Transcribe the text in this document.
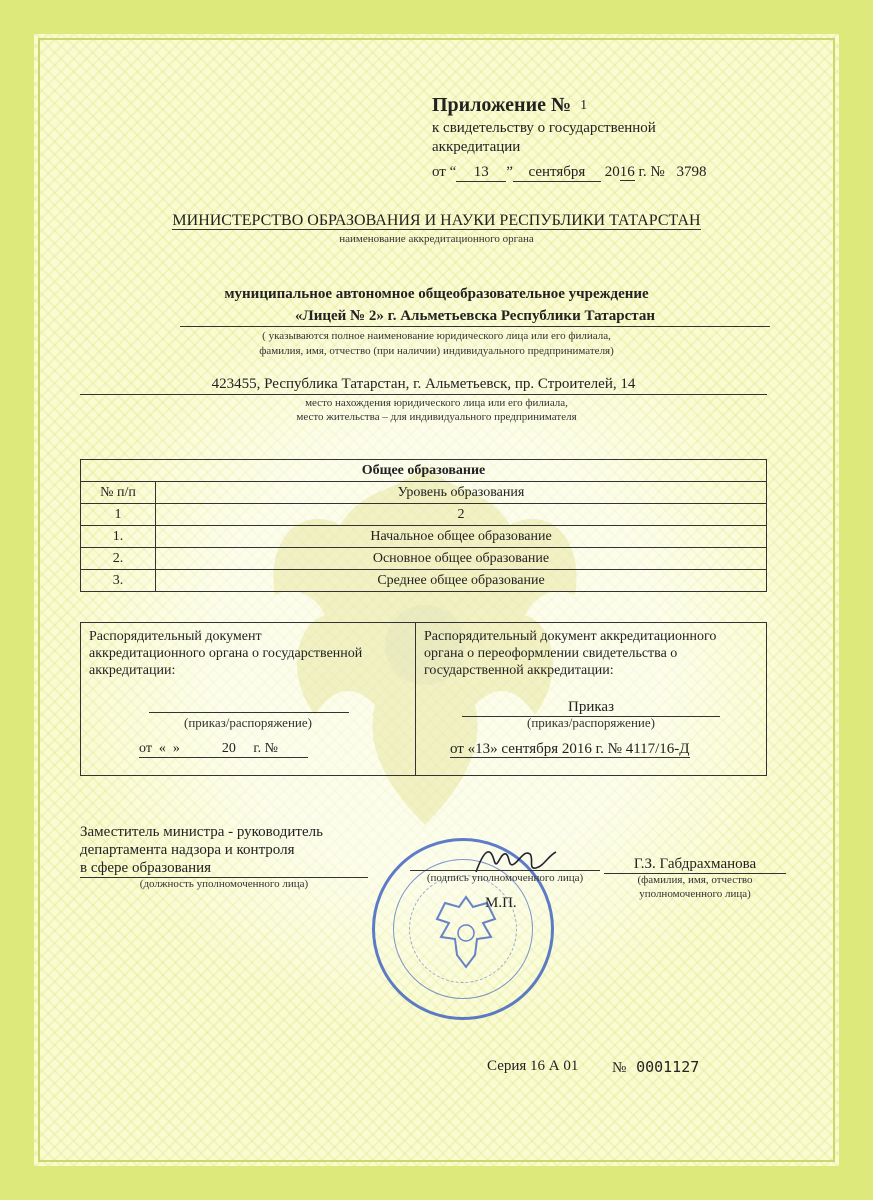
Приложение № 1
к свидетельству о государственной
аккредитации
от “ 13 ” сентября 2016 г. № 3798
МИНИСТЕРСТВО ОБРАЗОВАНИЯ И НАУКИ РЕСПУБЛИКИ ТАТАРСТАН
наименование аккредитационного органа
муниципальное автономное общеобразовательное учреждение
«Лицей № 2» г. Альметьевска Республики Татарстан
( указываются полное наименование юридического лица или его филиала,
фамилия, имя, отчество (при наличии) индивидуального предпринимателя)
423455, Республика Татарстан, г. Альметьевск, пр. Строителей, 14
место нахождения юридического лица или его филиала,
место жительства – для индивидуального предпринимателя
Общее образование	
№ п/п	Уровень образования
1	2
1.	Начальное общее образование
2.	Основное общее образование
3.	Среднее общее образование
Распорядительный документ
аккредитационного органа о государственной
аккредитации:
(приказ/распоряжение)
от  «  »            20     г. №
Распорядительный документ аккредитационного
органа о переоформлении свидетельства о
государственной аккредитации:
Приказ
(приказ/распоряжение)
от «13» сентября 2016 г. № 4117/16-Д
Заместитель министра - руководитель
департамента надзора и контроля
в сфере образования
(должность уполномоченного лица)	(подпись уполномоченного лица)
М.П.
Г.З. Габдрахманова
(фамилия, имя, отчество
уполномоченного лица)
Серия 16 А 01 № 0001127
